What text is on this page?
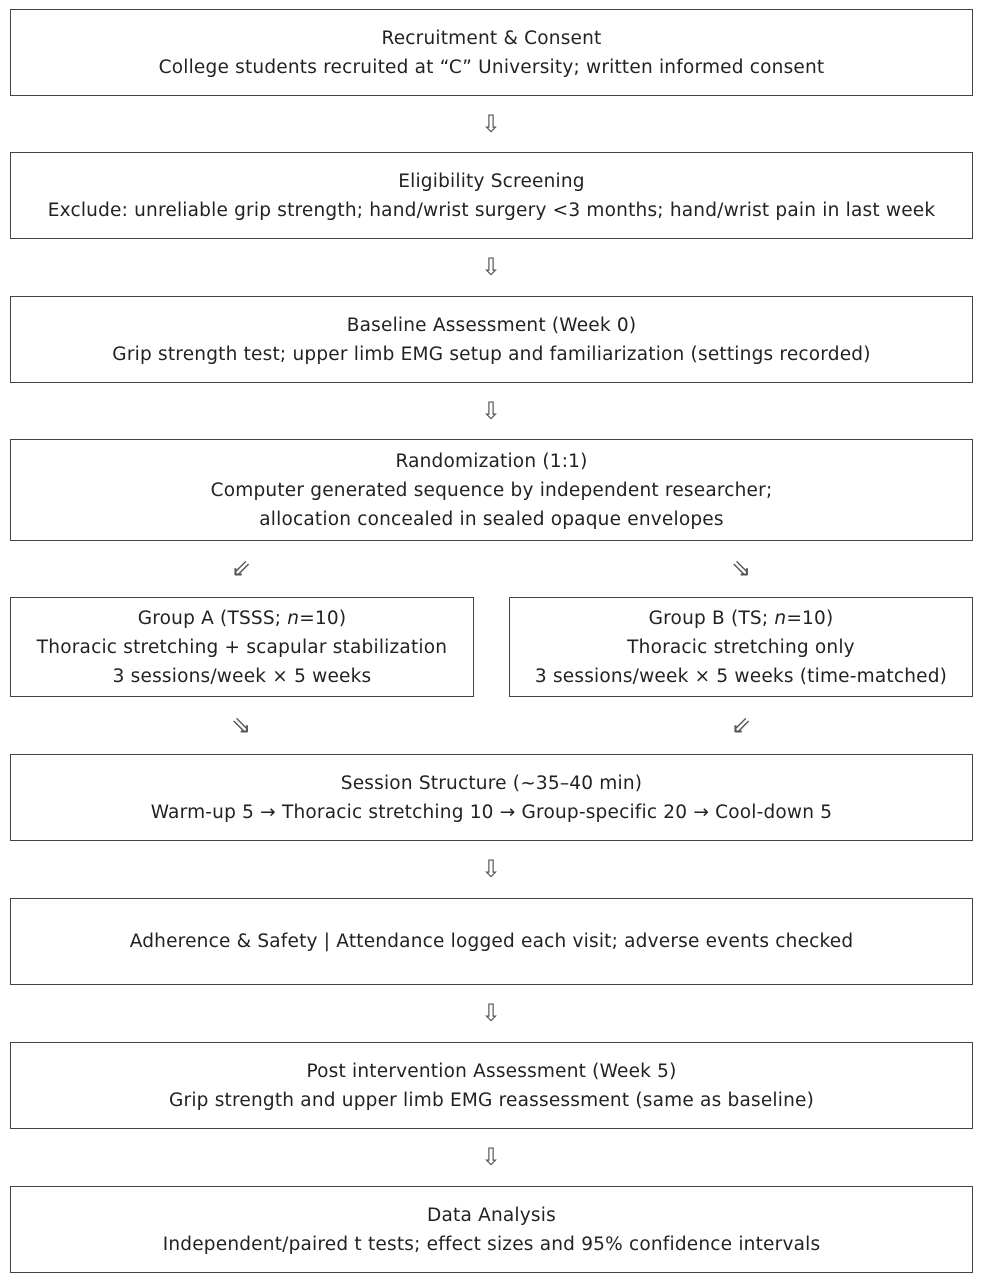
Recruitment & Consent
College students recruited at “C” University; written informed consent
⇩
Eligibility Screening
Exclude: unreliable grip strength; hand/wrist surgery <3 months; hand/wrist pain in last week
⇩
Baseline Assessment (Week 0)
Grip strength test; upper limb EMG setup and familiarization (settings recorded)
⇩
Randomization (1:1)
Computer generated sequence by independent researcher;
allocation concealed in sealed opaque envelopes
⇙	⇘
Group A (TSSS; n=10)
Thoracic stretching + scapular stabilization
3 sessions/week × 5 weeks
Group B (TS; n=10)
Thoracic stretching only
3 sessions/week × 5 weeks (time-matched)
⇘	⇙
Session Structure (~35–40 min)
Warm-up 5 → Thoracic stretching 10 → Group-specific 20 → Cool-down 5
⇩
Adherence & Safety | Attendance logged each visit; adverse events checked
⇩
Post intervention Assessment (Week 5)
Grip strength and upper limb EMG reassessment (same as baseline)
⇩
Data Analysis
Independent/paired t tests; effect sizes and 95% confidence intervals
